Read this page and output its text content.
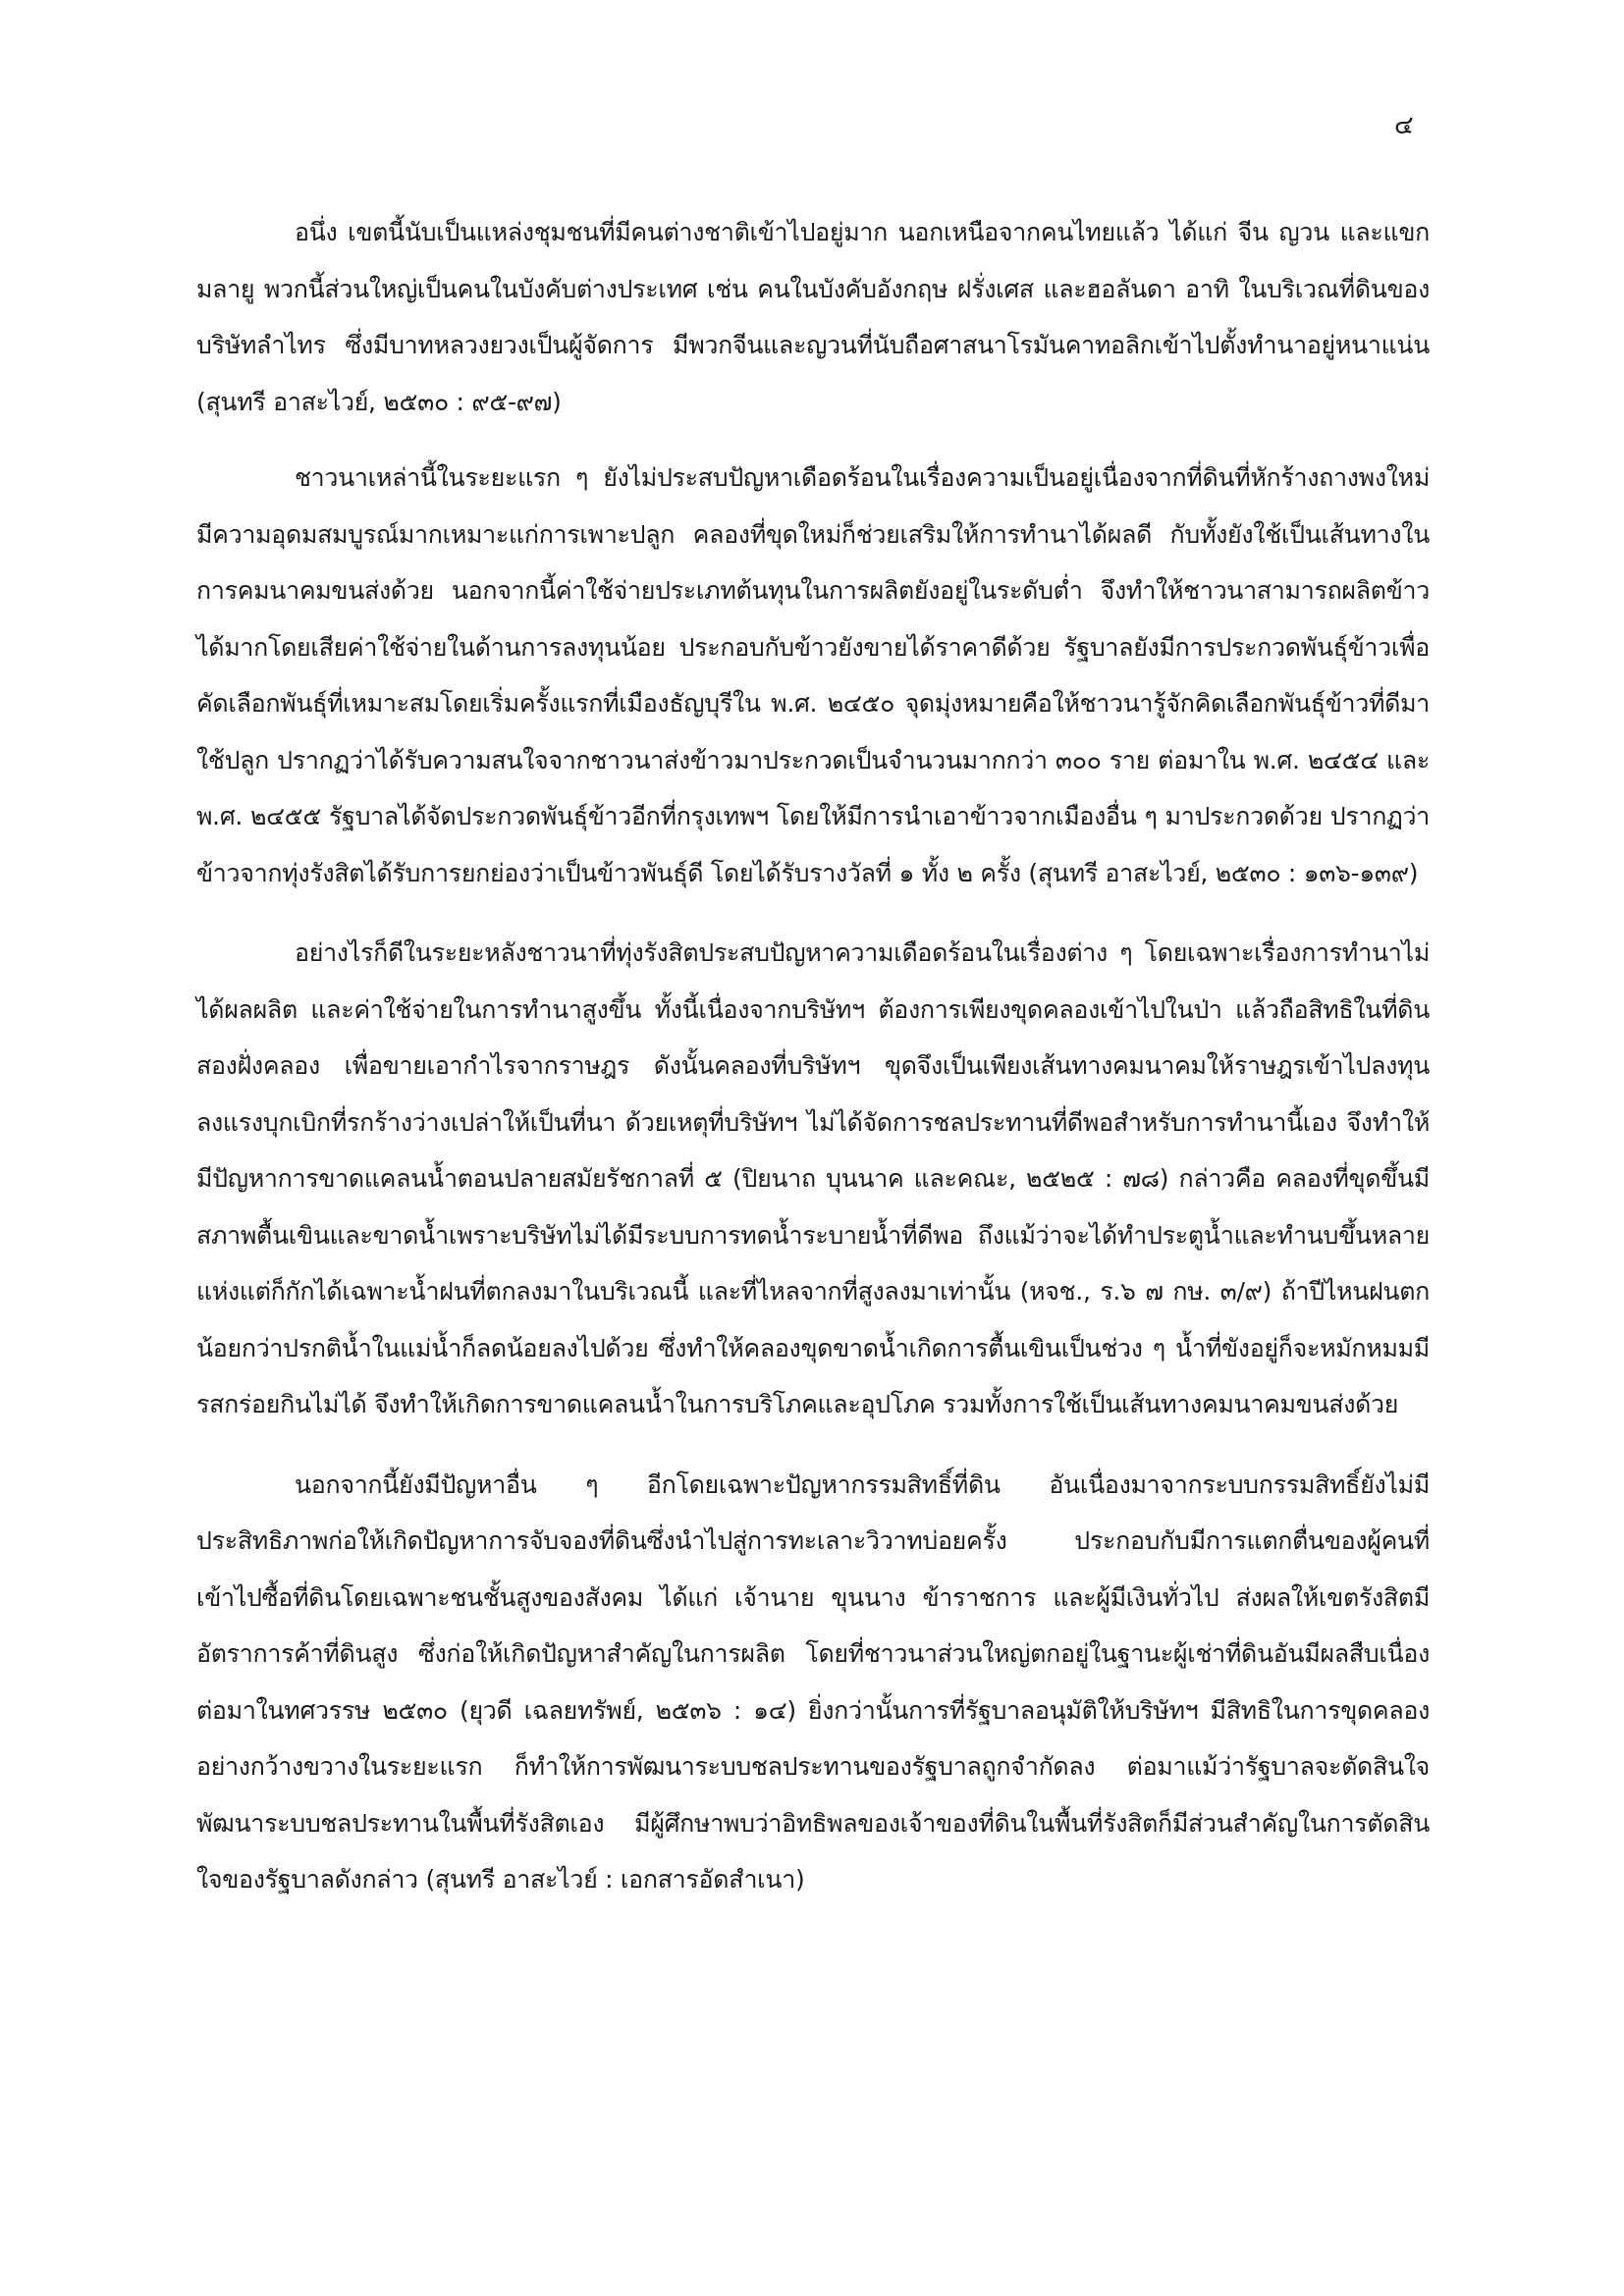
๔

อนึ่ง เขตนี้นับเป็นแหล่งชุมชนที่มีคนต่างชาติเข้าไปอยู่มาก นอกเหนือจากคนไทยแล้ว ได้แก่ จีน ญวน และแขกมลายู พวกนี้ส่วนใหญ่เป็นคนในบังคับต่างประเทศ เช่น คนในบังคับอังกฤษ ฝรั่งเศส และฮอลันดา อาทิ ในบริเวณที่ดินของบริษัทลำไทร ซึ่งมีบาทหลวงยวงเป็นผู้จัดการ มีพวกจีนและญวนที่นับถือศาสนาโรมันคาทอลิกเข้าไปตั้งทำนาอยู่หนาแน่น (สุนทรี อาสะไวย์, ๒๕๓๐ : ๙๕-๙๗)

ชาวนาเหล่านี้ในระยะแรก ๆ ยังไม่ประสบปัญหาเดือดร้อนในเรื่องความเป็นอยู่เนื่องจากที่ดินที่หักร้างถางพงใหม่มีความอุดมสมบูรณ์มากเหมาะแก่การเพาะปลูก คลองที่ขุดใหม่ก็ช่วยเสริมให้การทำนาได้ผลดี กับทั้งยังใช้เป็นเส้นทางในการคมนาคมขนส่งด้วย นอกจากนี้ค่าใช้จ่ายประเภทต้นทุนในการผลิตยังอยู่ในระดับต่ำ จึงทำให้ชาวนาสามารถผลิตข้าวได้มากโดยเสียค่าใช้จ่ายในด้านการลงทุนน้อย ประกอบกับข้าวยังขายได้ราคาดีด้วย รัฐบาลยังมีการประกวดพันธุ์ข้าวเพื่อคัดเลือกพันธุ์ที่เหมาะสมโดยเริ่มครั้งแรกที่เมืองธัญบุรีใน พ.ศ. ๒๔๕๐ จุดมุ่งหมายคือให้ชาวนารู้จักคิดเลือกพันธุ์ข้าวที่ดีมาใช้ปลูก ปรากฏว่าได้รับความสนใจจากชาวนาส่งข้าวมาประกวดเป็นจำนวนมากกว่า ๓๐๐ ราย ต่อมาใน พ.ศ. ๒๔๕๔ และ พ.ศ. ๒๔๕๕ รัฐบาลได้จัดประกวดพันธุ์ข้าวอีกที่กรุงเทพฯ โดยให้มีการนำเอาข้าวจากเมืองอื่น ๆ มาประกวดด้วย ปรากฏว่าข้าวจากทุ่งรังสิตได้รับการยกย่องว่าเป็นข้าวพันธุ์ดี โดยได้รับรางวัลที่ ๑ ทั้ง ๒ ครั้ง (สุนทรี อาสะไวย์, ๒๕๓๐ : ๑๓๖-๑๓๙)

อย่างไรก็ดีในระยะหลังชาวนาที่ทุ่งรังสิตประสบปัญหาความเดือดร้อนในเรื่องต่าง ๆ โดยเฉพาะเรื่องการทำนาไม่ได้ผลผลิต และค่าใช้จ่ายในการทำนาสูงขึ้น ทั้งนี้เนื่องจากบริษัทฯ ต้องการเพียงขุดคลองเข้าไปในป่า แล้วถือสิทธิในที่ดินสองฝั่งคลอง เพื่อขายเอากำไรจากราษฎร ดังนั้นคลองที่บริษัทฯ ขุดจึงเป็นเพียงเส้นทางคมนาคมให้ราษฎรเข้าไปลงทุนลงแรงบุกเบิกที่รกร้างว่างเปล่าให้เป็นที่นา ด้วยเหตุที่บริษัทฯ ไม่ได้จัดการชลประทานที่ดีพอสำหรับการทำนานี้เอง จึงทำให้มีปัญหาการขาดแคลนน้ำตอนปลายสมัยรัชกาลที่ ๕ (ปิยนาถ บุนนาค และคณะ, ๒๕๒๕ : ๗๘) กล่าวคือ คลองที่ขุดขึ้นมีสภาพตื้นเขินและขาดน้ำเพราะบริษัทไม่ได้มีระบบการทดน้ำระบายน้ำที่ดีพอ ถึงแม้ว่าจะได้ทำประตูน้ำและทำนบขึ้นหลายแห่งแต่ก็กักได้เฉพาะน้ำฝนที่ตกลงมาในบริเวณนี้ และที่ไหลจากที่สูงลงมาเท่านั้น (หจช., ร.๖ ๗ กษ. ๓/๙) ถ้าปีไหนฝนตกน้อยกว่าปรกติน้ำในแม่น้ำก็ลดน้อยลงไปด้วย ซึ่งทำให้คลองขุดขาดน้ำเกิดการตื้นเขินเป็นช่วง ๆ น้ำที่ขังอยู่ก็จะหมักหมมมีรสกร่อยกินไม่ได้ จึงทำให้เกิดการขาดแคลนน้ำในการบริโภคและอุปโภค รวมทั้งการใช้เป็นเส้นทางคมนาคมขนส่งด้วย

นอกจากนี้ยังมีปัญหาอื่น ๆ อีกโดยเฉพาะปัญหากรรมสิทธิ์ที่ดิน อันเนื่องมาจากระบบกรรมสิทธิ์ยังไม่มีประสิทธิภาพก่อให้เกิดปัญหาการจับจองที่ดินซึ่งนำไปสู่การทะเลาะวิวาทบ่อยครั้ง ประกอบกับมีการแตกตื่นของผู้คนที่เข้าไปซื้อที่ดินโดยเฉพาะชนชั้นสูงของสังคม ได้แก่ เจ้านาย ขุนนาง ข้าราชการ และผู้มีเงินทั่วไป ส่งผลให้เขตรังสิตมีอัตราการค้าที่ดินสูง ซึ่งก่อให้เกิดปัญหาสำคัญในการผลิต โดยที่ชาวนาส่วนใหญ่ตกอยู่ในฐานะผู้เช่าที่ดินอันมีผลสืบเนื่องต่อมาในทศวรรษ ๒๕๓๐ (ยุวดี เฉลยทรัพย์, ๒๕๓๖ : ๑๔) ยิ่งกว่านั้นการที่รัฐบาลอนุมัติให้บริษัทฯ มีสิทธิในการขุดคลองอย่างกว้างขวางในระยะแรก ก็ทำให้การพัฒนาระบบชลประทานของรัฐบาลถูกจำกัดลง ต่อมาแม้ว่ารัฐบาลจะตัดสินใจพัฒนาระบบชลประทานในพื้นที่รังสิตเอง มีผู้ศึกษาพบว่าอิทธิพลของเจ้าของที่ดินในพื้นที่รังสิตก็มีส่วนสำคัญในการตัดสินใจของรัฐบาลดังกล่าว (สุนทรี อาสะไวย์ : เอกสารอัดสำเนา)
